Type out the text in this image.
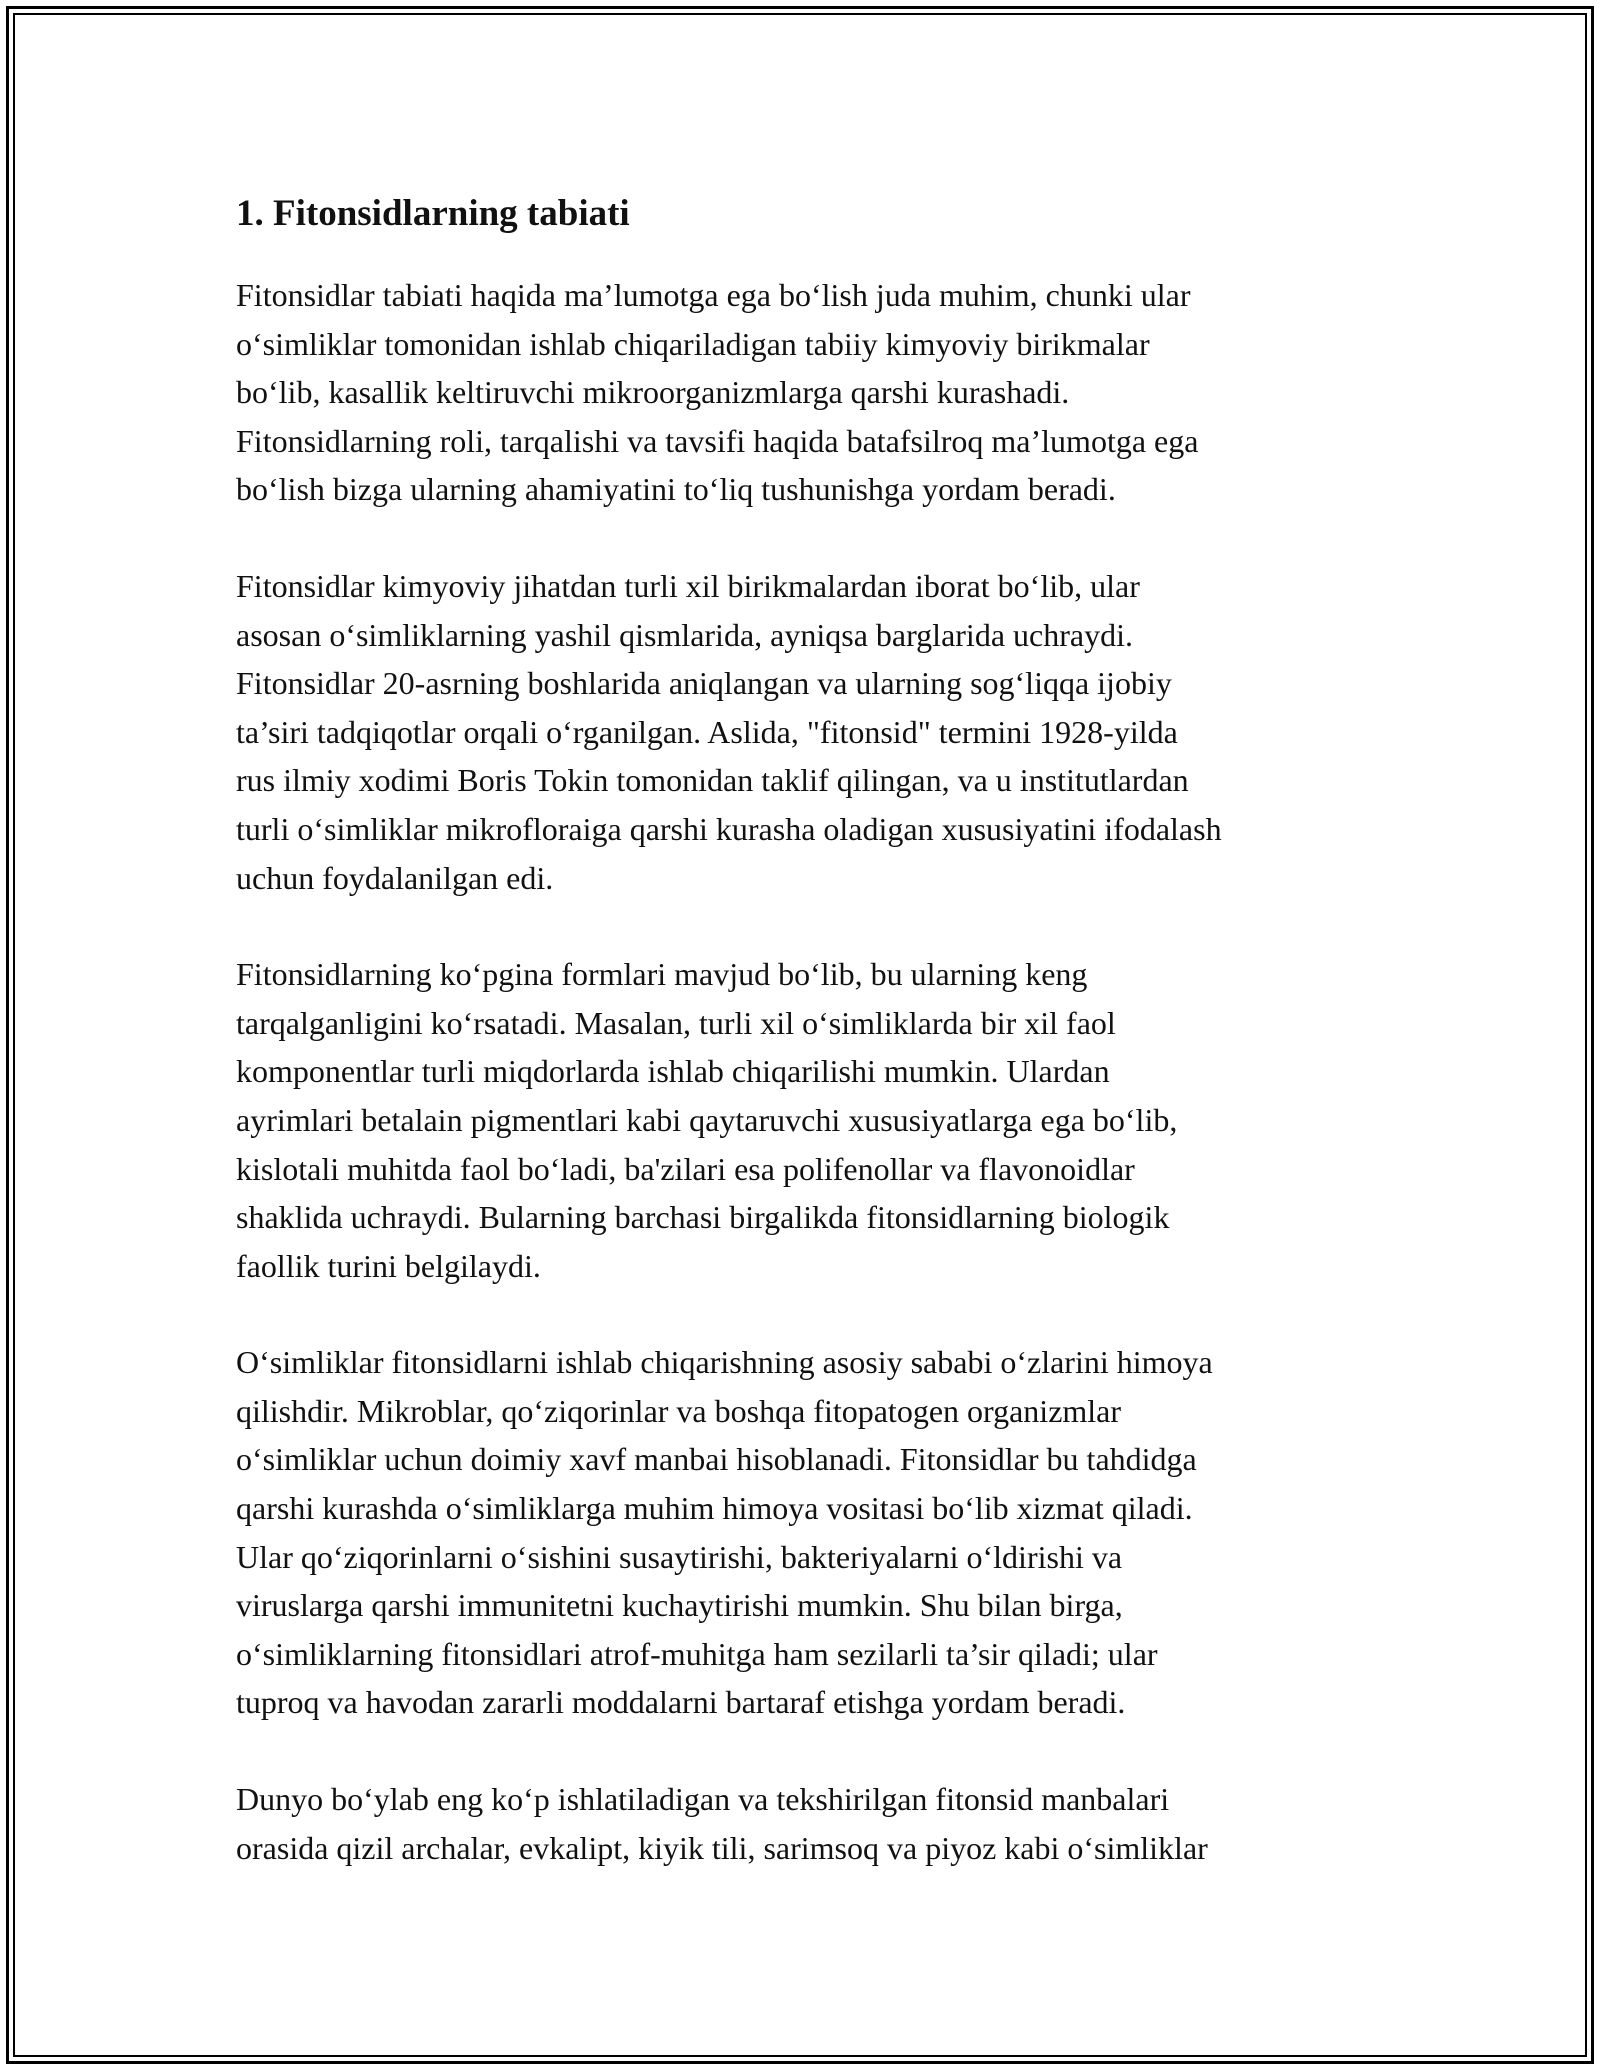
1. Fitonsidlarning tabiati

Fitonsidlar tabiati haqida ma’lumotga ega bo‘lish juda muhim, chunki ular
o‘simliklar tomonidan ishlab chiqariladigan tabiiy kimyoviy birikmalar
bo‘lib, kasallik keltiruvchi mikroorganizmlarga qarshi kurashadi.
Fitonsidlarning roli, tarqalishi va tavsifi haqida batafsilroq ma’lumotga ega
bo‘lish bizga ularning ahamiyatini to‘liq tushunishga yordam beradi.

Fitonsidlar kimyoviy jihatdan turli xil birikmalardan iborat bo‘lib, ular
asosan o‘simliklarning yashil qismlarida, ayniqsa barglarida uchraydi.
Fitonsidlar 20-asrning boshlarida aniqlangan va ularning sog‘liqqa ijobiy
ta’siri tadqiqotlar orqali o‘rganilgan. Aslida, "fitonsid" termini 1928-yilda
rus ilmiy xodimi Boris Tokin tomonidan taklif qilingan, va u institutlardan
turli o‘simliklar mikrofloraiga qarshi kurasha oladigan xususiyatini ifodalash
uchun foydalanilgan edi.

Fitonsidlarning ko‘pgina formlari mavjud bo‘lib, bu ularning keng
tarqalganligini ko‘rsatadi. Masalan, turli xil o‘simliklarda bir xil faol
komponentlar turli miqdorlarda ishlab chiqarilishi mumkin. Ulardan
ayrimlari betalain pigmentlari kabi qaytaruvchi xususiyatlarga ega bo‘lib,
kislotali muhitda faol bo‘ladi, ba'zilari esa polifenollar va flavonoidlar
shaklida uchraydi. Bularning barchasi birgalikda fitonsidlarning biologik
faollik turini belgilaydi.

O‘simliklar fitonsidlarni ishlab chiqarishning asosiy sababi o‘zlarini himoya
qilishdir. Mikroblar, qo‘ziqorinlar va boshqa fitopatogen organizmlar
o‘simliklar uchun doimiy xavf manbai hisoblanadi. Fitonsidlar bu tahdidga
qarshi kurashda o‘simliklarga muhim himoya vositasi bo‘lib xizmat qiladi.
Ular qo‘ziqorinlarni o‘sishini susaytirishi, bakteriyalarni o‘ldirishi va
viruslarga qarshi immunitetni kuchaytirishi mumkin. Shu bilan birga,
o‘simliklarning fitonsidlari atrof-muhitga ham sezilarli ta’sir qiladi; ular
tuproq va havodan zararli moddalarni bartaraf etishga yordam beradi.

Dunyo bo‘ylab eng ko‘p ishlatiladigan va tekshirilgan fitonsid manbalari
orasida qizil archalar, evkalipt, kiyik tili, sarimsoq va piyoz kabi o‘simliklar
